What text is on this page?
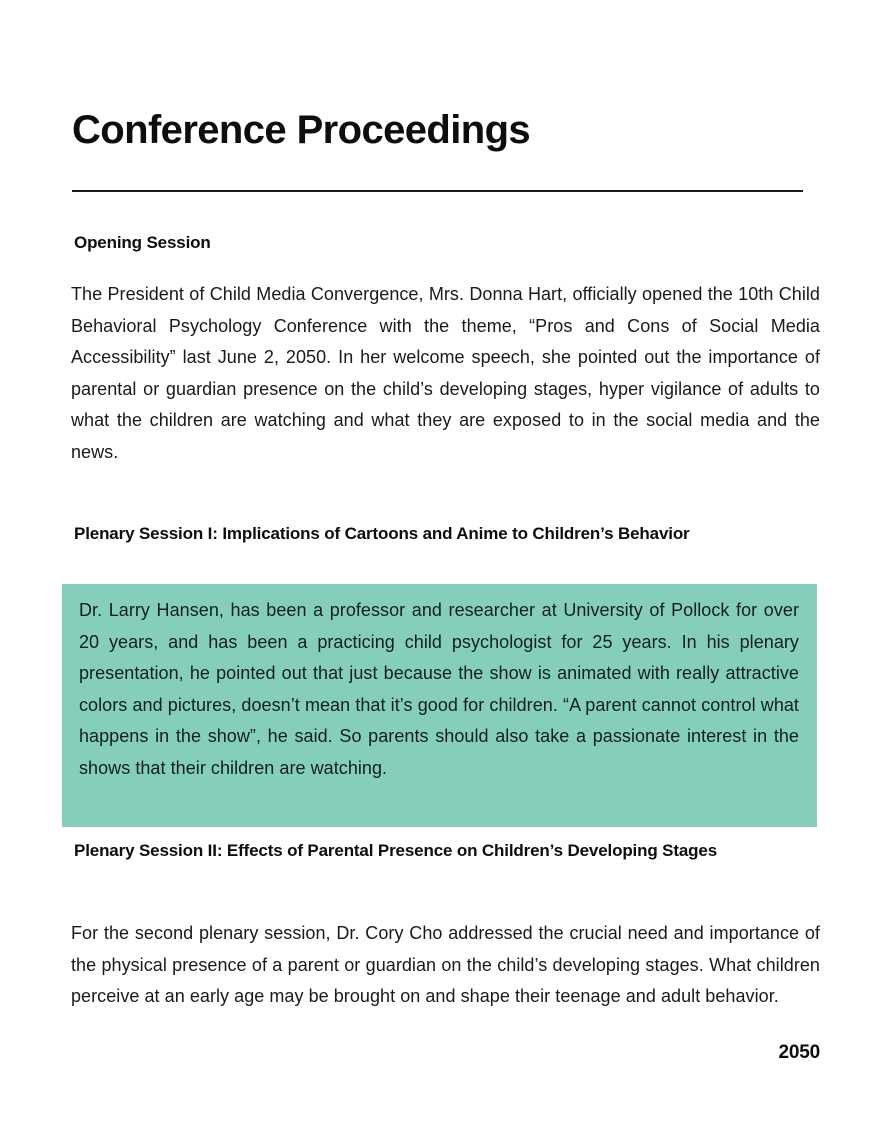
Conference Proceedings
Opening Session

The President of Child Media Convergence, Mrs. Donna Hart, officially opened the 10th Child Behavioral Psychology Conference with the theme, “Pros and Cons of Social Media Accessibility” last June 2, 2050. In her welcome speech, she pointed out the importance of parental or guardian presence on the child’s developing stages, hyper vigilance of adults to what the children are watching and what they are exposed to in the social media and the news.

Plenary Session I: Implications of Cartoons and Anime to Children’s Behavior

Dr. Larry Hansen, has been a professor and researcher at University of Pollock for over 20 years, and has been a practicing child psychologist for 25 years. In his plenary presentation, he pointed out that just because the show is animated with really attractive colors and pictures, doesn’t mean that it’s good for children. “A parent cannot control what happens in the show”, he said. So parents should also take a passionate interest in the shows that their children are watching.

Plenary Session II: Effects of Parental Presence on Children’s Developing Stages

For the second plenary session, Dr. Cory Cho addressed the crucial need and importance of the physical presence of a parent or guardian on the child’s developing stages. What children perceive at an early age may be brought on and shape their teenage and adult behavior.

2050
